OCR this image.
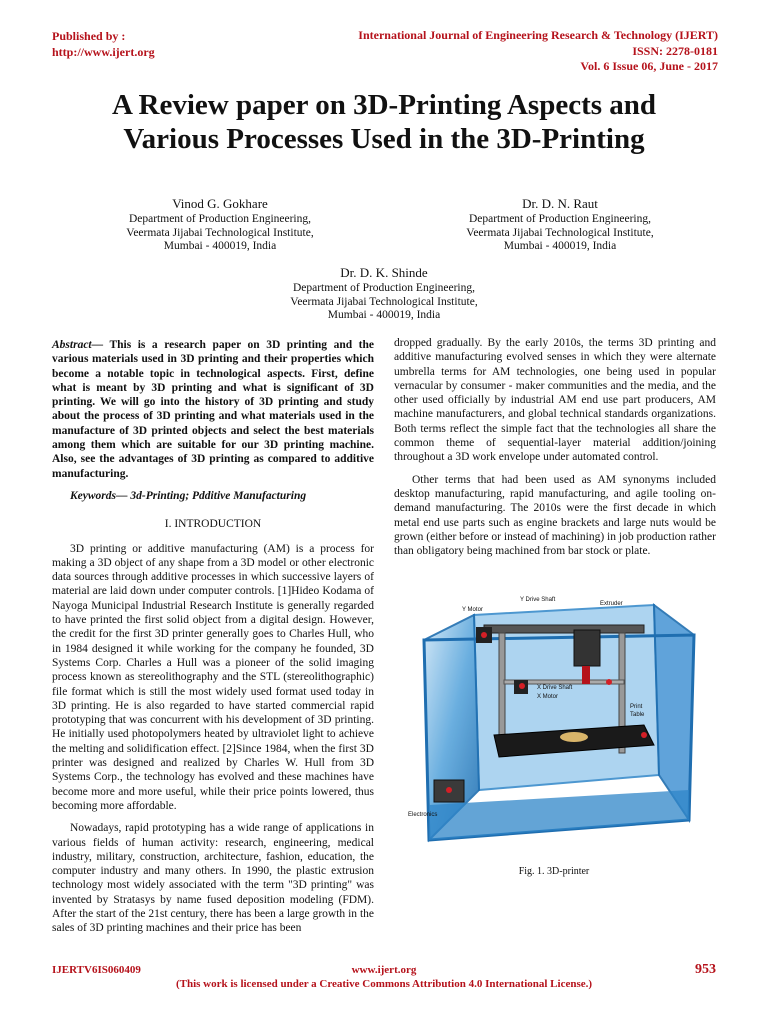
Published by :
http://www.ijert.org
International Journal of Engineering Research & Technology (IJERT)
ISSN: 2278-0181
Vol. 6 Issue 06, June - 2017
A Review paper on 3D-Printing Aspects and
Various Processes Used in the 3D-Printing
Vinod G. Gokhare
Department of Production Engineering,
Veermata Jijabai Technological Institute,
Mumbai - 400019, India
Dr. D. N. Raut
Department of Production Engineering,
Veermata Jijabai Technological Institute,
Mumbai - 400019, India
Dr. D. K. Shinde
Department of Production Engineering,
Veermata Jijabai Technological Institute,
Mumbai - 400019, India

Abstract— This is a research paper on 3D printing and the various materials used in 3D printing and their properties which become a notable topic in technological aspects. First, define what is meant by 3D printing and what is significant of 3D printing. We will go into the history of 3D printing and study about the process of 3D printing and what materials used in the manufacture of 3D printed objects and select the best materials among them which are suitable for our 3D printing machine. Also, see the advantages of 3D printing as compared to additive manufacturing.

Keywords— 3d-Printing; Pdditive Manufacturing

I. INTRODUCTION

3D printing or additive manufacturing (AM) is a process for making a 3D object of any shape from a 3D model or other electronic data sources through additive processes in which successive layers of material are laid down under computer controls. [1]Hideo Kodama of Nayoga Municipal Industrial Research Institute is generally regarded to have printed the first solid object from a digital design. However, the credit for the first 3D printer generally goes to Charles Hull, who in 1984 designed it while working for the company he founded, 3D Systems Corp. Charles a Hull was a pioneer of the solid imaging process known as stereolithography and the STL (stereolithographic) file format which is still the most widely used format used today in 3D printing. He is also regarded to have started commercial rapid prototyping that was concurrent with his development of 3D printing. He initially used photopolymers heated by ultraviolet light to achieve the melting and solidification effect. [2]Since 1984, when the first 3D printer was designed and realized by Charles W. Hull from 3D Systems Corp., the technology has evolved and these machines have become more and more useful, while their price points lowered, thus becoming more affordable.

Nowadays, rapid prototyping has a wide range of applications in various fields of human activity: research, engineering, medical industry, military, construction, architecture, fashion, education, the computer industry and many others. In 1990, the plastic extrusion technology most widely associated with the term "3D printing" was invented by Stratasys by name fused deposition modeling (FDM). After the start of the 21st century, there has been a large growth in the sales of 3D printing machines and their price has been

dropped gradually. By the early 2010s, the terms 3D printing and additive manufacturing evolved senses in which they were alternate umbrella terms for AM technologies, one being used in popular vernacular by consumer - maker communities and the media, and the other used officially by industrial AM end use part producers, AM machine manufacturers, and global technical standards organizations. Both terms reflect the simple fact that the technologies all share the common theme of sequential-layer material addition/joining throughout a 3D work envelope under automated control.

Other terms that had been used as AM synonyms included desktop manufacturing, rapid manufacturing, and agile tooling on-demand manufacturing. The 2010s were the first decade in which metal end use parts such as engine brackets and large nuts would be grown (either before or instead of machining) in job production rather than obligatory being machined from bar stock or plate.

Y Drive Shaft
Y Motor
Extruder
X Drive Shaft
X Motor
Print
Table
Electronics
Fig. 1. 3D-printer
IJERTV6IS060409	www.ijert.org
(This work is licensed under a Creative Commons Attribution 4.0 International License.)
953
